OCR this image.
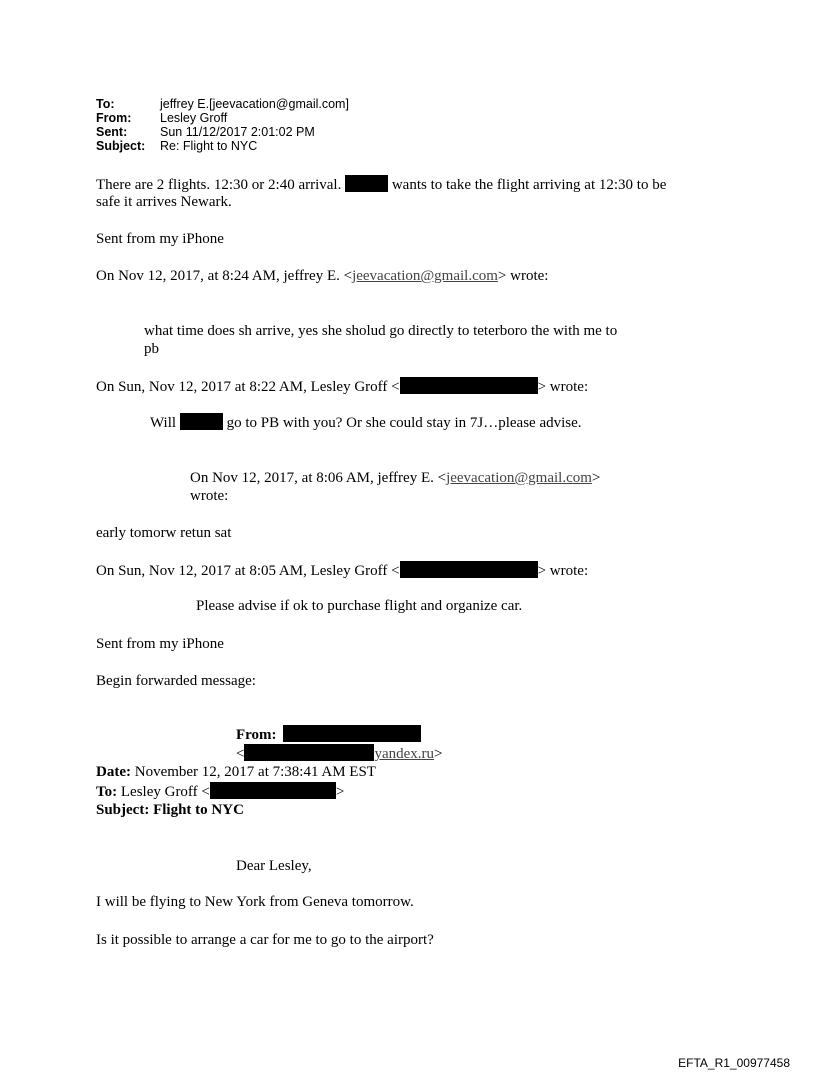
To:	jeffrey E.[jeevacation@gmail.com]
From: Lesley Groff
Sent:	Sun 11/12/2017 2:01:02 PM
Subject: Re: Flight to NYC
There are 2 flights. 12:30 or 2:40 arrival.	wants to take the flight arriving at 12:30 to be
safe it arrives Newark.
Sent from my iPhone
On Nov 12, 2017, at 8:24 AM, jeffrey E. <jeevacation@gmail.com> wrote:
what time does sh arrive, yes she sholud go directly to teterboro the with me to
pb
On Sun, Nov 12, 2017 at 8:22 AM, Lesley Groff <	> wrote:
Will	go to PB with you? Or she could stay in 7J…please advise.
On Nov 12, 2017, at 8:06 AM, jeffrey E. <jeevacation@gmail.com>
wrote:
early tomorw retun sat
On Sun, Nov 12, 2017 at 8:05 AM, Lesley Groff <	> wrote:
Please advise if ok to purchase flight and organize car.
Sent from my iPhone
Begin forwarded message:
From:
<	yandex.ru>
Date: November 12, 2017 at 7:38:41 AM EST
To: Lesley Groff <	>
Subject: Flight to NYC
Dear Lesley,
I will be flying to New York from Geneva tomorrow.
Is it possible to arrange a car for me to go to the airport?
EFTA_R1_00977458
